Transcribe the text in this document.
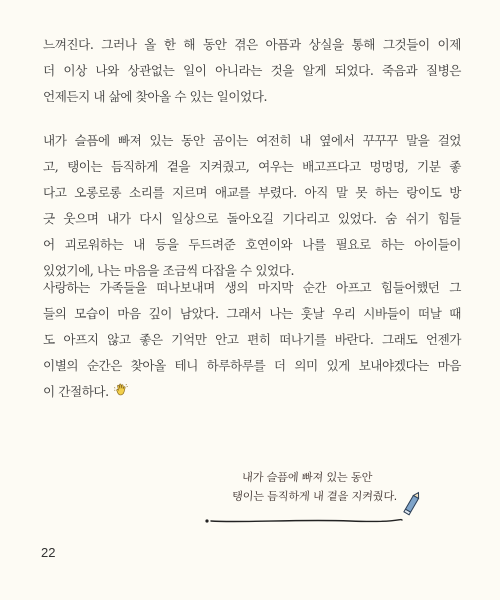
느껴진다. 그러나 올 한 해 동안 겪은 아픔과 상실을 통해 그것들이 이제
더 이상 나와 상관없는 일이 아니라는 것을 알게 되었다. 죽음과 질병은
언제든지 내 삶에 찾아올 수 있는 일이었다.
내가 슬픔에 빠져 있는 동안 곰이는 여전히 내 옆에서 꾸꾸꾸 말을 걸었
고, 탱이는 듬직하게 곁을 지켜줬고, 여우는 배고프다고 멍멍멍, 기분 좋
다고 오롱로롱 소리를 지르며 애교를 부렸다. 아직 말 못 하는 랑이도 방
긋 웃으며 내가 다시 일상으로 돌아오길 기다리고 있었다. 숨 쉬기 힘들
어 괴로워하는 내 등을 두드려준 호연이와 나를 필요로 하는 아이들이
있었기에, 나는 마음을 조금씩 다잡을 수 있었다.
사랑하는 가족들을 떠나보내며 생의 마지막 순간 아프고 힘들어했던 그
들의 모습이 마음 깊이 남았다. 그래서 나는 훗날 우리 시바들이 떠날 때
도 아프지 않고 좋은 기억만 안고 편히 떠나기를 바란다. 그래도 언젠가
이별의 순간은 찾아올 테니 하루하루를 더 의미 있게 보내야겠다는 마음
이 간절하다.
내가 슬픔에 빠져 있는 동안
탱이는 듬직하게 내 곁을 지켜줬다.
22
